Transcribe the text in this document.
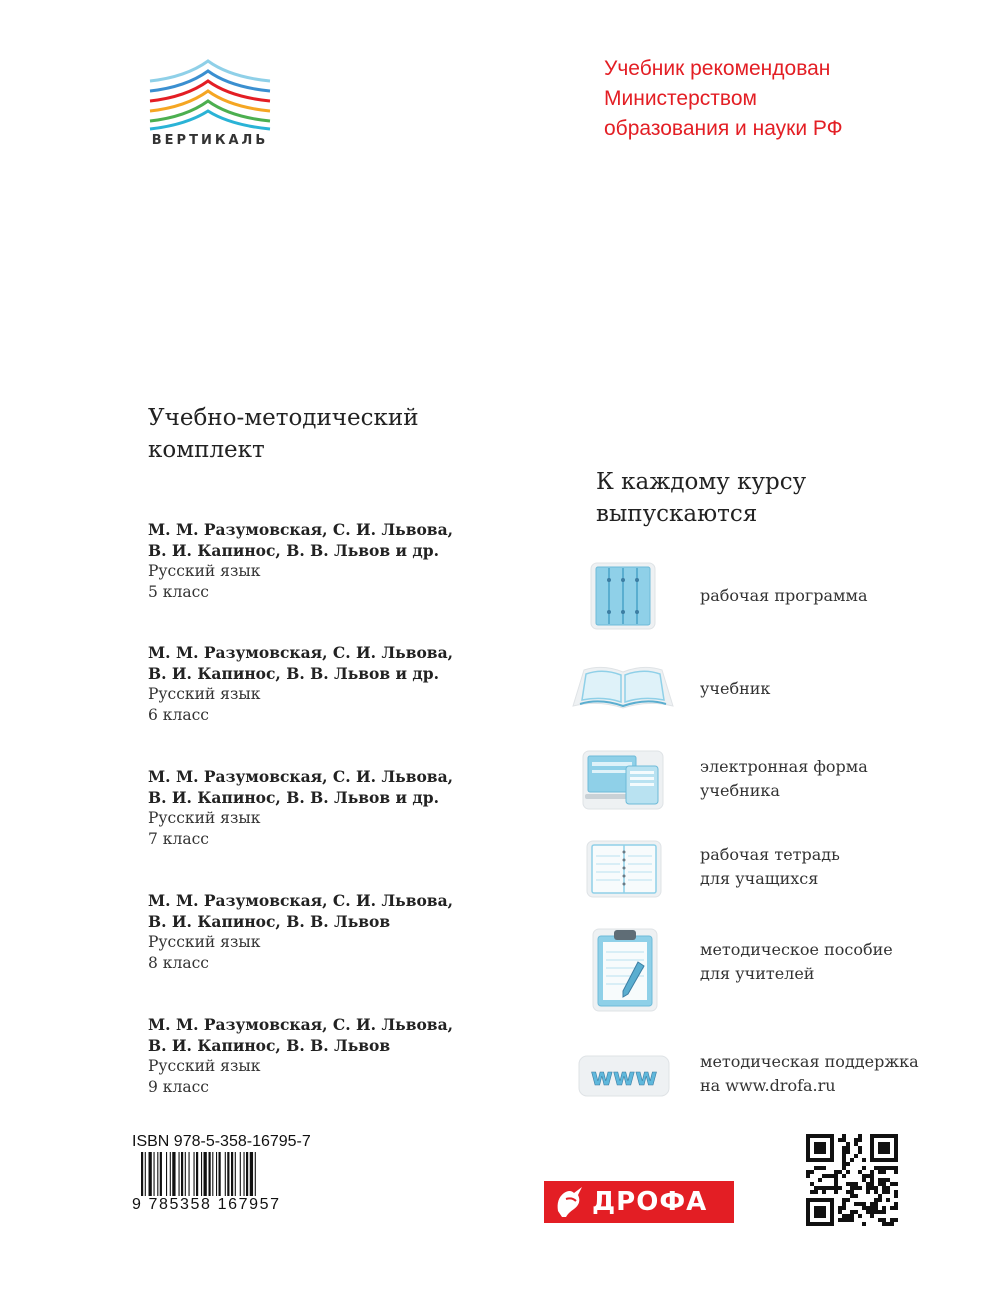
ВЕРТИКАЛЬ
Учебник рекомендован
Министерством
образования и науки РФ
Учебно-методический
комплект
М. М. Разумовская, С. И. Львова,
В. И. Капинос, В. В. Львов и др.
Русский язык
5 класс
М. М. Разумовская, С. И. Львова,
В. И. Капинос, В. В. Львов и др.
Русский язык
6 класс
М. М. Разумовская, С. И. Львова,
В. И. Капинос, В. В. Львов и др.
Русский язык
7 класс
М. М. Разумовская, С. И. Львова,
В. И. Капинос, В. В. Львов
Русский язык
8 класс
М. М. Разумовская, С. И. Львова,
В. И. Капинос, В. В. Львов
Русский язык
9 класс
К каждому курсу
выпускаются
рабочая программа
учебник
электронная форма
учебника
рабочая тетрадь
для учащихся
методическое пособие
для учителей
www
методическая поддержка
на www.drofa.ru
ISBN 978-5-358-16795-7
9 785358 167957	ДРОФА
